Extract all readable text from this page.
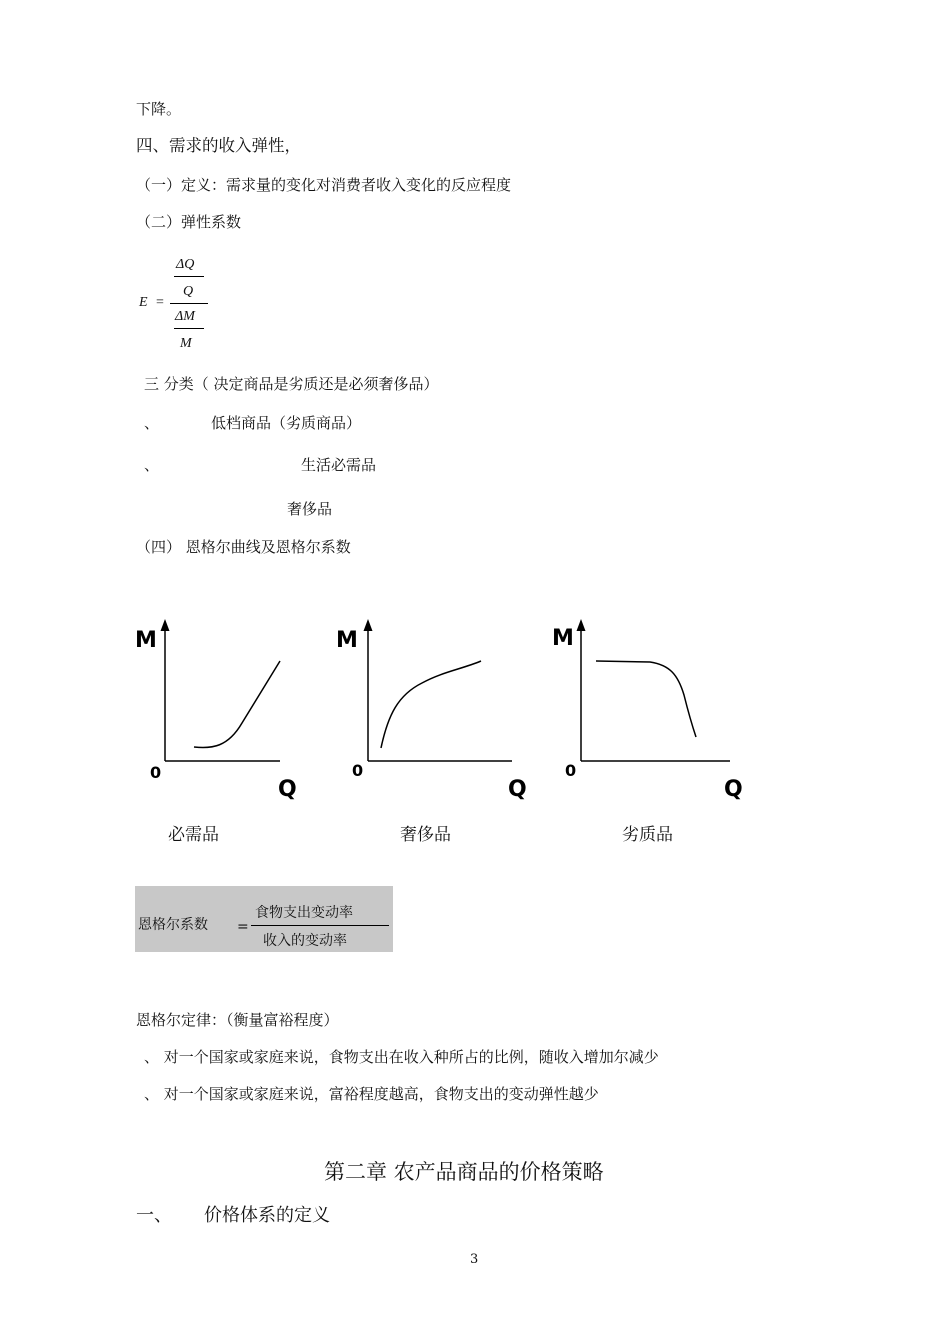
下降。
四、需求的收入弹性，
（一）定义：需求量的变化对消费者收入变化的反应程度
（二）弹性系数
E =
ΔQ
Q
ΔM
M
三 分类（ 决定商品是劣质还是必须奢侈品）
、	低档商品（劣质商品）
、	生活必需品
奢侈品
（四） 恩格尔曲线及恩格尔系数
M
0
Q
必需品
M
0
Q
奢侈品
M
0
Q
劣质品
恩格尔系数 =
食物支出变动率
收入的变动率
恩格尔定律：（衡量富裕程度）
、 对一个国家或家庭来说，食物支出在收入种所占的比例，随收入增加尔减少
、 对一个国家或家庭来说，富裕程度越高，食物支出的变动弹性越少
第二章 农产品商品的价格策略
一、 价格体系的定义
3
